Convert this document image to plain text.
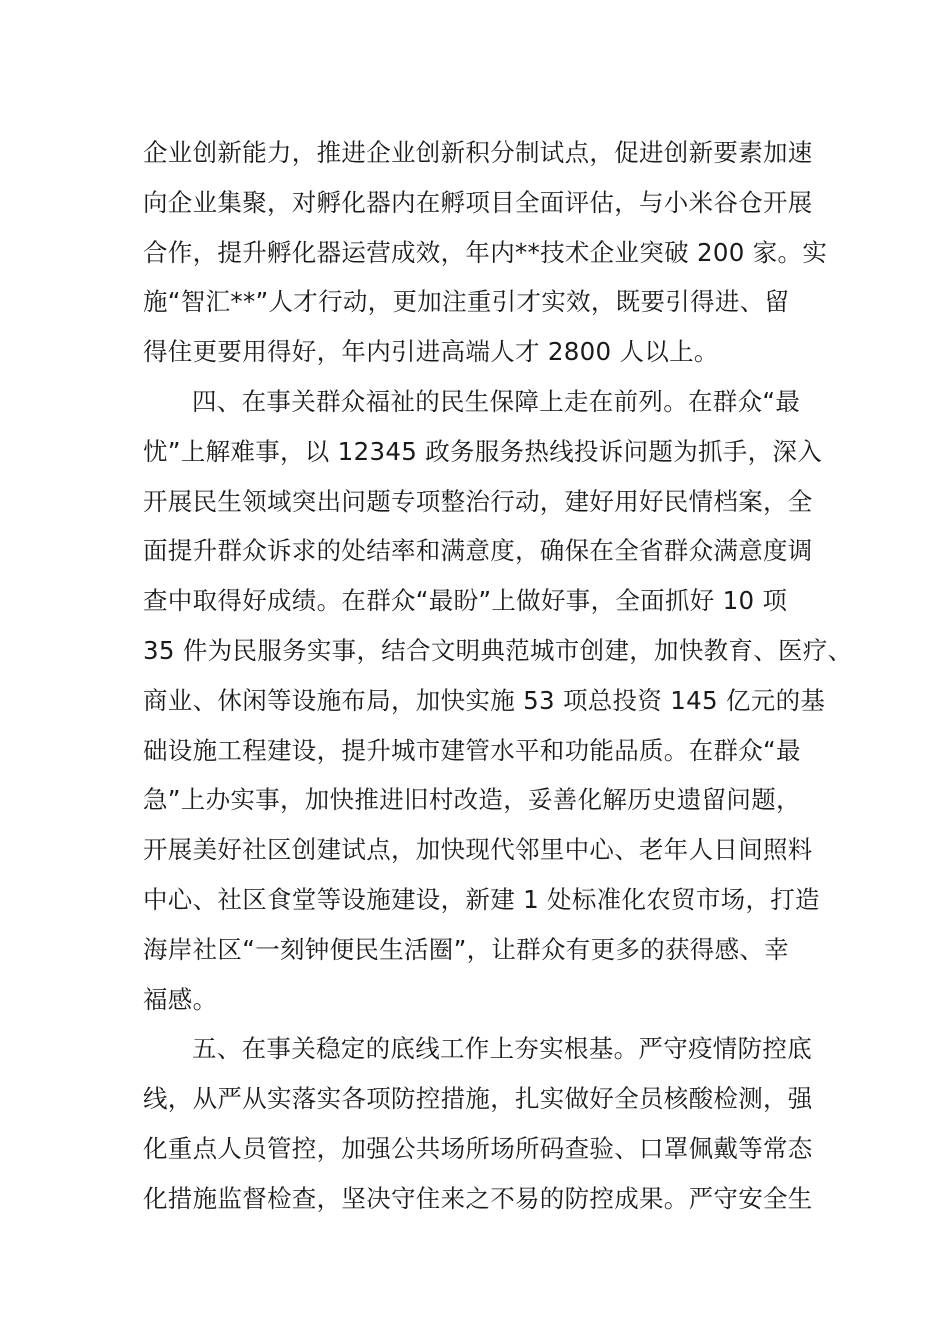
企业创新能力，推进企业创新积分制试点，促进创新要素加速
向企业集聚，对孵化器内在孵项目全面评估，与小米谷仓开展
合作，提升孵化器运营成效，年内**技术企业突破 200 家。实
施“智汇**”人才行动，更加注重引才实效，既要引得进、留
得住更要用得好，年内引进高端人才 2800 人以上。
四、在事关群众福祉的民生保障上走在前列。在群众“最
忧”上解难事，以 12345 政务服务热线投诉问题为抓手，深入
开展民生领域突出问题专项整治行动，建好用好民情档案，全
面提升群众诉求的处结率和满意度，确保在全省群众满意度调
查中取得好成绩。在群众“最盼”上做好事，全面抓好 10 项
35 件为民服务实事，结合文明典范城市创建，加快教育、医疗、
商业、休闲等设施布局，加快实施 53 项总投资 145 亿元的基
础设施工程建设，提升城市建管水平和功能品质。在群众“最
急”上办实事，加快推进旧村改造，妥善化解历史遗留问题，
开展美好社区创建试点，加快现代邻里中心、老年人日间照料
中心、社区食堂等设施建设，新建 1 处标准化农贸市场，打造
海岸社区“一刻钟便民生活圈”，让群众有更多的获得感、幸
福感。
五、在事关稳定的底线工作上夯实根基。严守疫情防控底
线，从严从实落实各项防控措施，扎实做好全员核酸检测，强
化重点人员管控，加强公共场所场所码查验、口罩佩戴等常态
化措施监督检查，坚决守住来之不易的防控成果。严守安全生
